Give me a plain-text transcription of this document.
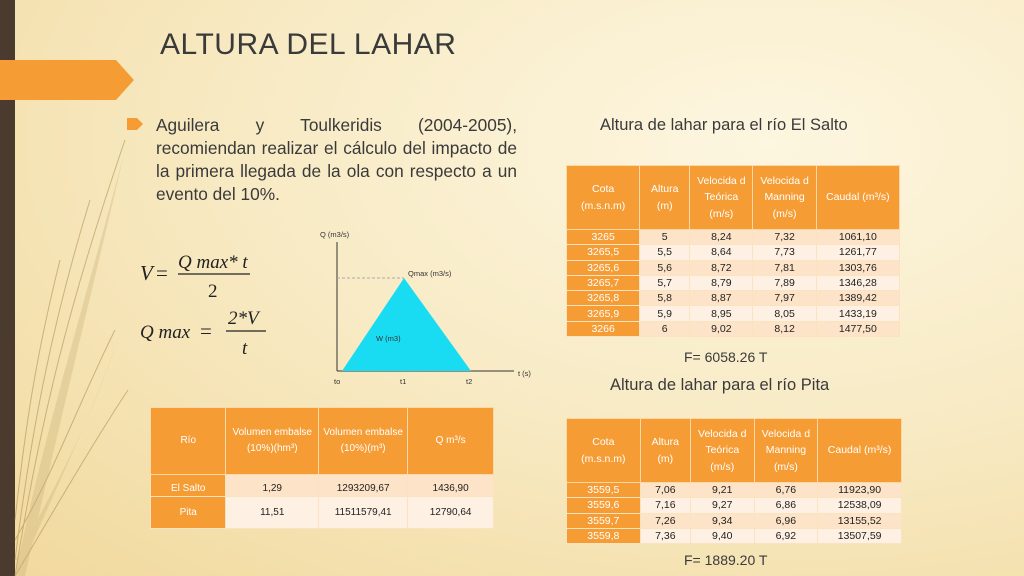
ALTURA DEL LAHAR
Aguilera y Toulkeridis (2004-2005), recomiendan realizar el cálculo del impacto de la primera llegada de la ola con respecto a un evento del 10%.
V = Q max* t
2
Q max =
2*V
t
Q (m3/s)
Qmax (m3/s)
W (m3)
t (s)
to	t1	t2
Río	Volumen embalse (10%)(hm³)	Volumen embalse (10%)(m³)	Q m³/s
El Salto	1,29	1293209,67	1436,90
Pita	11,51	11511579,41	12790,64
Altura de lahar para el río El Salto
Cota (m.s.n.m)	Altura (m)	Velocida d Teórica (m/s)	Velocida d Manning (m/s)	Caudal (m³/s)
3265	5	8,24	7,32	1061,10
3265,5	5,5	8,64	7,73	1261,77
3265,6	5,6	8,72	7,81	1303,76
3265,7	5,7	8,79	7,89	1346,28
3265,8	5,8	8,87	7,97	1389,42
3265,9	5,9	8,95	8,05	1433,19
3266	6	9,02	8,12	1477,50
F= 6058.26 T
Altura de lahar para el río Pita
Cota (m.s.n.m)	Altura (m)	Velocida d Teórica (m/s)	Velocida d Manning (m/s)	Caudal (m³/s)
3559,5	7,06	9,21	6,76	11923,90
3559,6	7,16	9,27	6,86	12538,09
3559,7	7,26	9,34	6,96	13155,52
3559,8	7,36	9,40	6,92	13507,59
F= 1889.20 T
